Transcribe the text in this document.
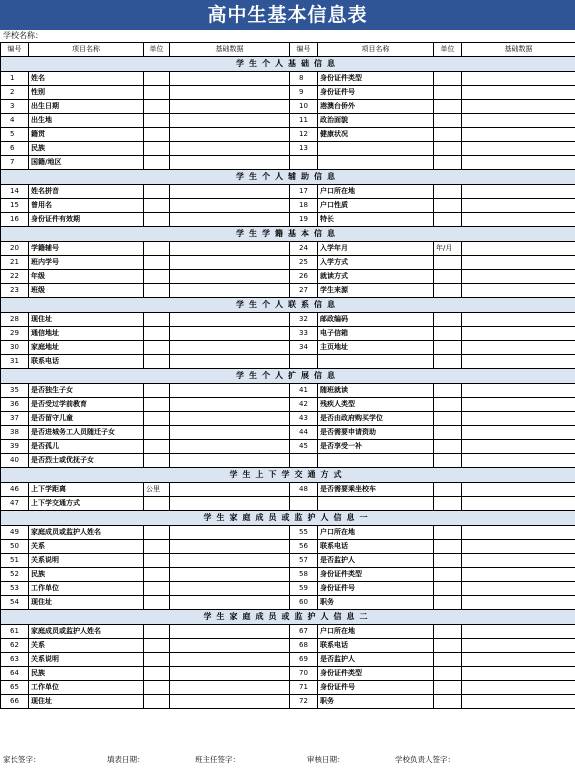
高中生基本信息表
学校名称：
编号	项目名称	单位	基础数据	编号	项目名称	单位	基础数据
学生个人基础信息							
1	姓名			8	身份证件类型		
2	性别			9	身份证件号		
3	出生日期			10	港澳台侨外		
4	出生地			11	政治面貌		
5	籍贯			12	健康状况		
6	民族			13			
7	国籍/地区						
学生个人辅助信息							
14	姓名拼音			17	户口所在地		
15	曾用名			18	户口性质		
16	身份证件有效期			19	特长		
学生学籍基本信息							
20	学籍辅号			24	入学年月	年/月	
21	班内学号			25	入学方式		
22	年级			26	就读方式		
23	班级			27	学生来源		
学生个人联系信息							
28	现住址			32	邮政编码		
29	通信地址			33	电子信箱		
30	家庭地址			34	主页地址		
31	联系电话						
学生个人扩展信息							
35	是否独生子女			41	随班就读		
36	是否受过学前教育			42	残疾人类型		
37	是否留守儿童			43	是否由政府购买学位		
38	是否进城务工人员随迁子女			44	是否需要申请资助		
39	是否孤儿			45	是否享受一补		
40	是否烈士或优抚子女						
学生上下学交通方式							
46	上下学距离	公里		48	是否需要乘坐校车		
47	上下学交通方式						
学生家庭成员或监护人信息一							
49	家庭成员或监护人姓名			55	户口所在地		
50	关系			56	联系电话		
51	关系说明			57	是否监护人		
52	民族			58	身份证件类型		
53	工作单位			59	身份证件号		
54	现住址			60	职务		
学生家庭成员或监护人信息二							
61	家庭成员或监护人姓名			67	户口所在地		
62	关系			68	联系电话		
63	关系说明			69	是否监护人		
64	民族			70	身份证件类型		
65	工作单位			71	身份证件号		
66	现住址			72	职务		
家长签字：	填表日期：	班主任签字：	审核日期：	学校负责人签字：
